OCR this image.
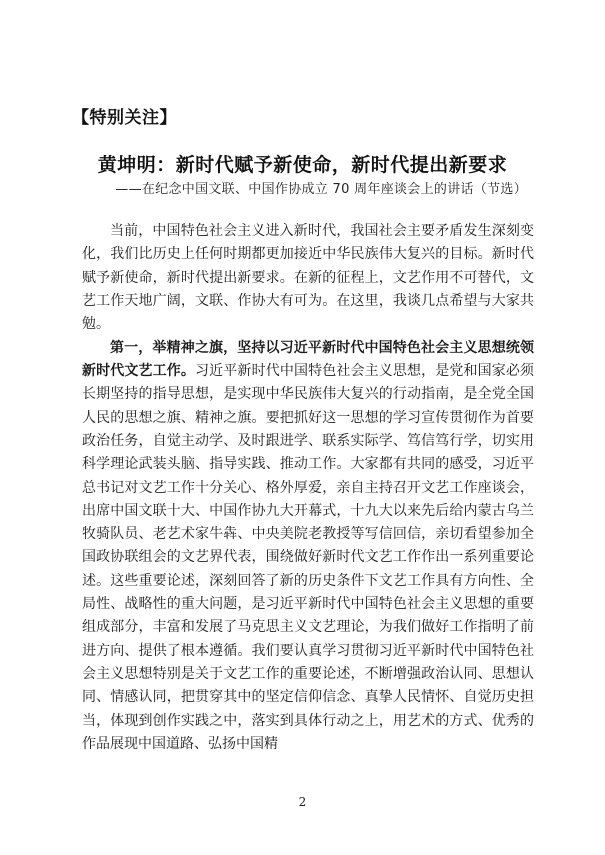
【特别关注】
黄坤明：新时代赋予新使命，新时代提出新要求
——在纪念中国文联、中国作协成立 70 周年座谈会上的讲话（节选）

当前，中国特色社会主义进入新时代，我国社会主要矛盾发生深刻变化，我们比历史上任何时期都更加接近中华民族伟大复兴的目标。新时代赋予新使命，新时代提出新要求。在新的征程上，文艺作用不可替代，文艺工作天地广阔，文联、作协大有可为。在这里，我谈几点希望与大家共勉。

第一，举精神之旗，坚持以习近平新时代中国特色社会主义思想统领新时代文艺工作。习近平新时代中国特色社会主义思想，是党和国家必须长期坚持的指导思想，是实现中华民族伟大复兴的行动指南，是全党全国人民的思想之旗、精神之旗。要把抓好这一思想的学习宣传贯彻作为首要政治任务，自觉主动学、及时跟进学、联系实际学、笃信笃行学，切实用科学理论武装头脑、指导实践、推动工作。大家都有共同的感受，习近平总书记对文艺工作十分关心、格外厚爱，亲自主持召开文艺工作座谈会，出席中国文联十大、中国作协九大开幕式，十九大以来先后给内蒙古乌兰牧骑队员、老艺术家牛犇、中央美院老教授等写信回信，亲切看望参加全国政协联组会的文艺界代表，围绕做好新时代文艺工作作出一系列重要论述。这些重要论述，深刻回答了新的历史条件下文艺工作具有方向性、全局性、战略性的重大问题，是习近平新时代中国特色社会主义思想的重要组成部分，丰富和发展了马克思主义文艺理论，为我们做好工作指明了前进方向、提供了根本遵循。我们要认真学习贯彻习近平新时代中国特色社会主义思想特别是关于文艺工作的重要论述，不断增强政治认同、思想认同、情感认同，把贯穿其中的坚定信仰信念、真挚人民情怀、自觉历史担当，体现到创作实践之中，落实到具体行动之上，用艺术的方式、优秀的作品展现中国道路、弘扬中国精

2
